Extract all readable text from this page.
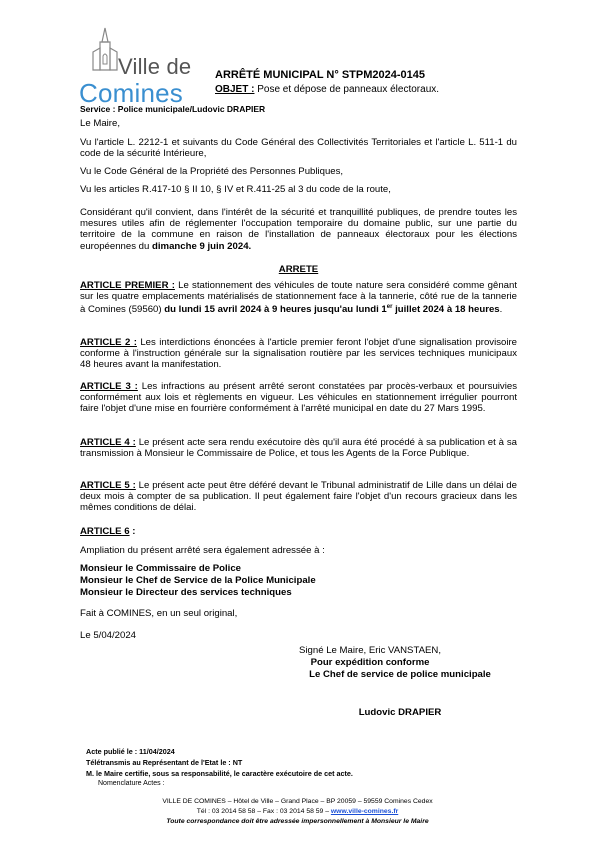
Ville de
Comines
ARRÊTÉ MUNICIPAL N° STPM2024-0145
OBJET : Pose et dépose de panneaux électoraux.
Service : Police municipale/Ludovic DRAPIER

Le Maire,

Vu l'article L. 2212-1 et suivants du Code Général des Collectivités Territoriales et l'article L. 511-1 du code de la sécurité Intérieure,

Vu le Code Général de la Propriété des Personnes Publiques,

Vu les articles R.417-10 § II 10, § IV et R.411-25 al 3 du code de la route,

Considérant qu'il convient, dans l'intérêt de la sécurité et tranquillité publiques, de prendre toutes les mesures utiles afin de réglementer l'occupation temporaire du domaine public, sur une partie du territoire de la commune en raison de l'installation de panneaux électoraux pour les élections européennes du dimanche 9 juin 2024.

ARRETE

ARTICLE PREMIER : Le stationnement des véhicules de toute nature sera considéré comme gênant sur les quatre emplacements matérialisés de stationnement face à la tannerie, côté rue de la tannerie à Comines (59560) du lundi 15 avril 2024 à 9 heures jusqu'au lundi 1er juillet 2024 à 18 heures.

ARTICLE 2 : Les interdictions énoncées à l'article premier feront l'objet d'une signalisation provisoire conforme à l'instruction générale sur la signalisation routière par les services techniques municipaux 48 heures avant la manifestation.

ARTICLE 3 : Les infractions au présent arrêté seront constatées par procès-verbaux et poursuivies conformément aux lois et règlements en vigueur. Les véhicules en stationnement irrégulier pourront faire l'objet d'une mise en fourrière conformément à l'arrêté municipal en date du 27 Mars 1995.

ARTICLE 4 : Le présent acte sera rendu exécutoire dès qu'il aura été procédé à sa publication et à sa transmission à Monsieur le Commissaire de Police, et tous les Agents de la Force Publique.

ARTICLE 5 : Le présent acte peut être déféré devant le Tribunal administratif de Lille dans un délai de deux mois à compter de sa publication. Il peut également faire l'objet d'un recours gracieux dans les mêmes conditions de délai.

ARTICLE 6 :

Ampliation du présent arrêté sera également adressée à :

Monsieur le Commissaire de Police

Monsieur le Chef de Service de la Police Municipale

Monsieur le Directeur des services techniques

Fait à COMINES, en un seul original,

Le 5/04/2024

Signé Le Maire, Eric VANSTAEN,
Pour expédition conforme
Le Chef de service de police municipale
Ludovic DRAPIER
Acte publié le : 11/04/2024
Télétransmis au Représentant de l'Etat le : NT
M. le Maire certifie, sous sa responsabilité, le caractère exécutoire de cet acte.
Nomenclature Actes :
VILLE DE COMINES – Hôtel de Ville – Grand Place – BP 20059 – 59559 Comines Cedex
Tél : 03 2014 58 58 – Fax : 03 2014 58 59 – www.ville-comines.fr
Toute correspondance doit être adressée impersonnellement à Monsieur le Maire
